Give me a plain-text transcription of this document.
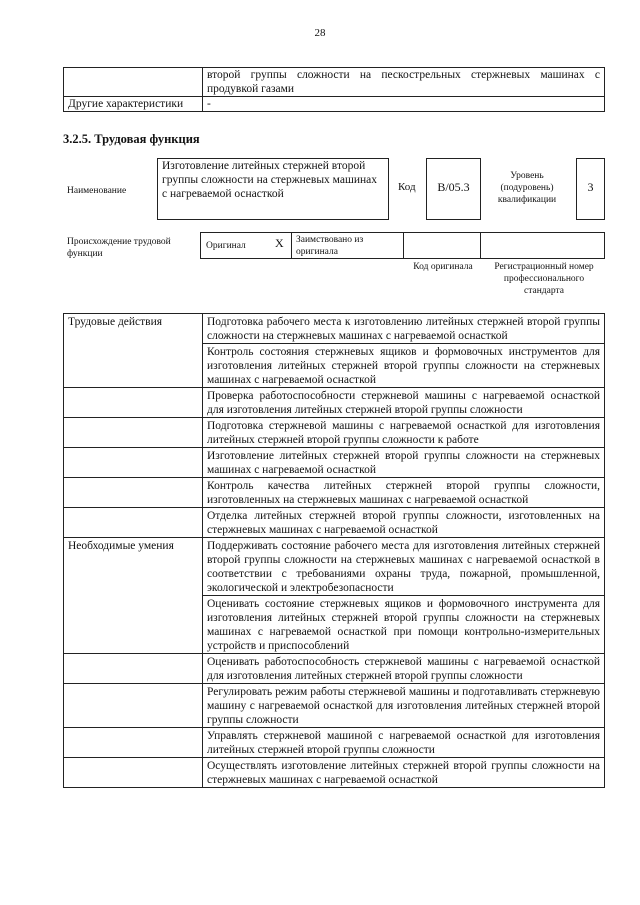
28
	второй группы сложности на пескострельных стержневых машинах с продувкой газами
Другие характеристики	-
3.2.5. Трудовая функция
Наименование
Изготовление литейных стержней второй группы сложности на стержневых машинах с нагреваемой оснасткой
Код	B/05.3
Уровень (подуровень) квалификации
3
Происхождение трудовой функции
Оригинал X Заимствовано из оригинала
Код оригинала	Регистрационный номер профессионального стандарта
Трудовые действия	Подготовка рабочего места к изготовлению литейных стержней второй группы сложности на стержневых машинах с нагреваемой оснасткой
	Контроль состояния стержневых ящиков и формовочных инструментов для изготовления литейных стержней второй группы сложности на стержневых машинах с нагреваемой оснасткой
	Проверка работоспособности стержневой машины с нагреваемой оснасткой для изготовления литейных стержней второй группы сложности
	Подготовка стержневой машины с нагреваемой оснасткой для изготовления литейных стержней второй группы сложности к работе
	Изготовление литейных стержней второй группы сложности на стержневых машинах с нагреваемой оснасткой
	Контроль качества литейных стержней второй группы сложности, изготовленных на стержневых машинах с нагреваемой оснасткой
	Отделка литейных стержней второй группы сложности, изготовленных на стержневых машинах с нагреваемой оснасткой
Необходимые умения	Поддерживать состояние рабочего места для изготовления литейных стержней второй группы сложности на стержневых машинах с нагреваемой оснасткой в соответствии с требованиями охраны труда, пожарной, промышленной, экологической и электробезопасности
	Оценивать состояние стержневых ящиков и формовочного инструмента для изготовления литейных стержней второй группы сложности на стержневых машинах с нагреваемой оснасткой при помощи контрольно-измерительных устройств и приспособлений
	Оценивать работоспособность стержневой машины с нагреваемой оснасткой для изготовления литейных стержней второй группы сложности
	Регулировать режим работы стержневой машины и подготавливать стержневую машину с нагреваемой оснасткой для изготовления литейных стержней второй группы сложности
	Управлять стержневой машиной с нагреваемой оснасткой для изготовления литейных стержней второй группы сложности
	Осуществлять изготовление литейных стержней второй группы сложности на стержневых машинах с нагреваемой оснасткой
